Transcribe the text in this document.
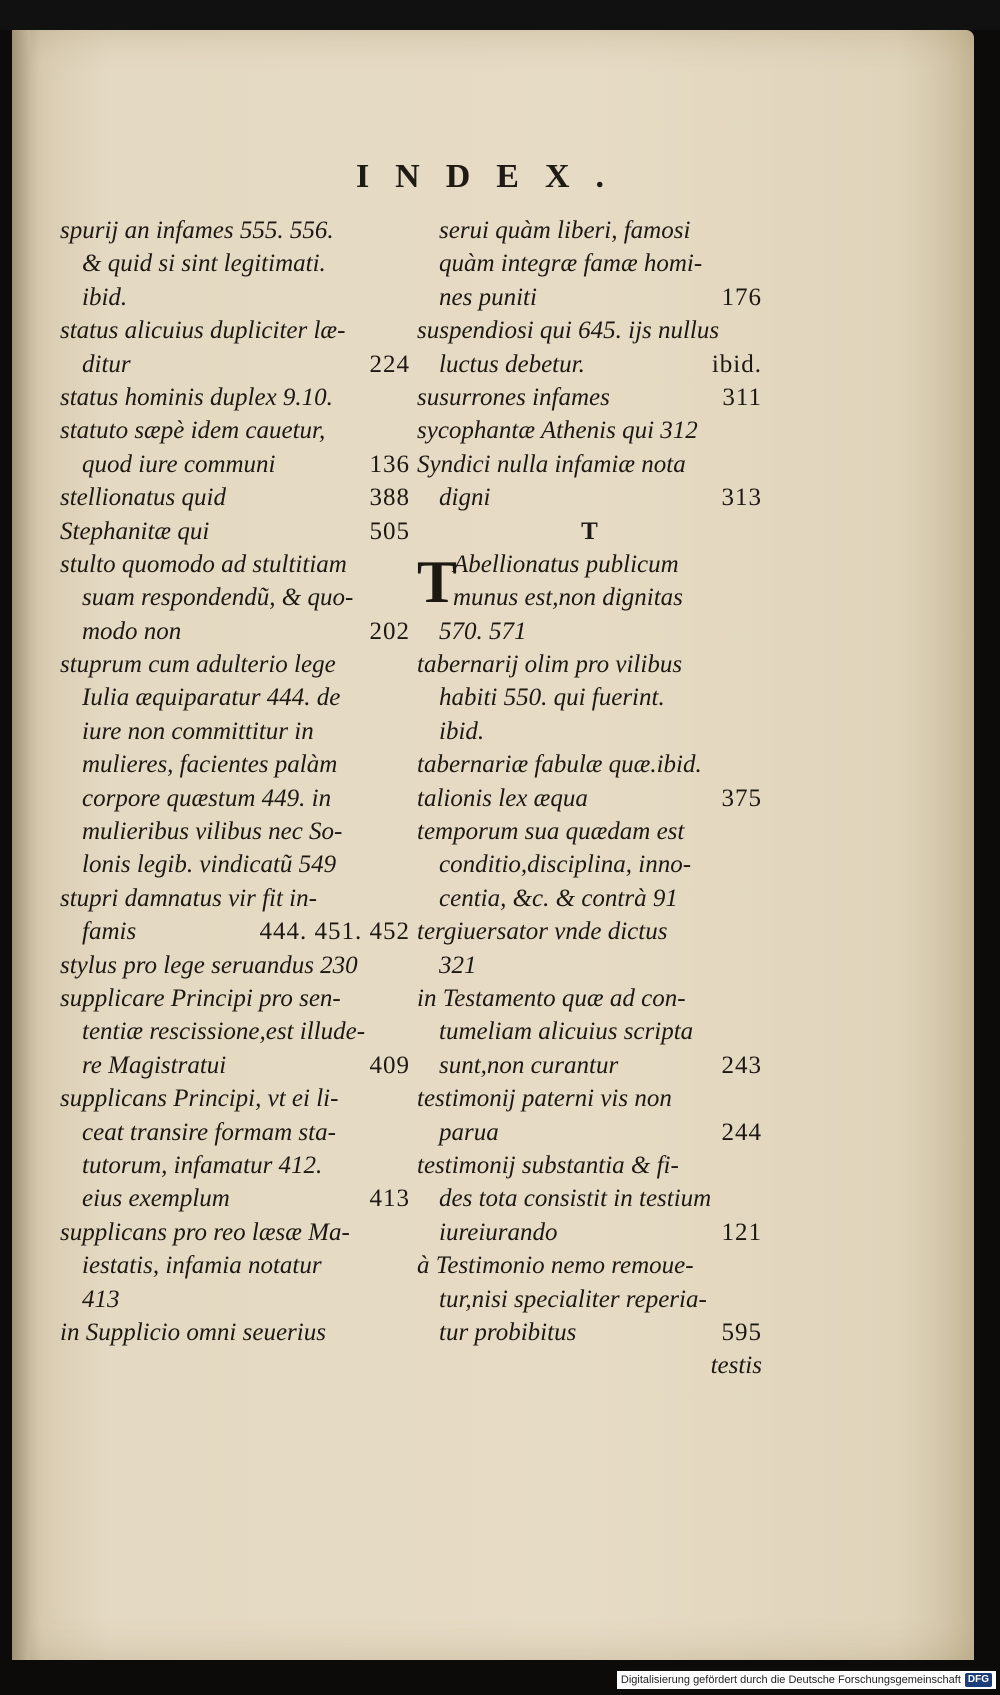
INDEX.
spurij an infames 555. 556.
& quid si sint legitimati.
ibid.
status alicuius dupliciter læ-
ditur	224
status hominis duplex 9.10.
statuto sæpè idem cauetur,
quod iure communi	136
stellionatus quid	388
Stephanitæ qui	505
stulto quomodo ad stultitiam
suam respondendũ, & quo-
modo non	202
stuprum cum adulterio lege
Iulia æquiparatur 444. de
iure non committitur in
mulieres, facientes palàm
corpore quæstum 449. in
mulieribus vilibus nec So-
lonis legib. vindicatũ 549
stupri damnatus vir fit in-
famis	444. 451. 452
stylus pro lege seruandus 230
supplicare Principi pro sen-
tentiæ rescissione,est illude-
re Magistratui	409
supplicans Principi, vt ei li-
ceat transire formam sta-
tutorum, infamatur 412.
eius exemplum	413
supplicans pro reo læsæ Ma-
iestatis, infamia notatur
413
in Supplicio omni seuerius
serui quàm liberi, famosi
quàm integræ famæ homi-
nes puniti	176
suspendiosi qui 645. ijs nullus
luctus debetur.	ibid.
susurrones infames	311
sycophantæ Athenis qui 312
Syndici nulla infamiæ nota
digni	313
T
T
Abellionatus publicum
munus est,non dignitas
570. 571
tabernarij olim pro vilibus
habiti 550. qui fuerint.
ibid.
tabernariæ fabulæ quæ.ibid.
talionis lex æqua	375
temporum sua quædam est
conditio,disciplina, inno-
centia, &c. & contrà 91
tergiuersator vnde dictus
321
in Testamento quæ ad con-
tumeliam alicuius scripta
sunt,non curantur	243
testimonij paterni vis non
parua	244
testimonij substantia & fi-
des tota consistit in testium
iureiurando	121
à Testimonio nemo remoue-
tur,nisi specialiter reperia-
tur probibitus	595
testis
Digitalisierung gefördert durch die Deutsche Forschungsgemeinschaft DFG
